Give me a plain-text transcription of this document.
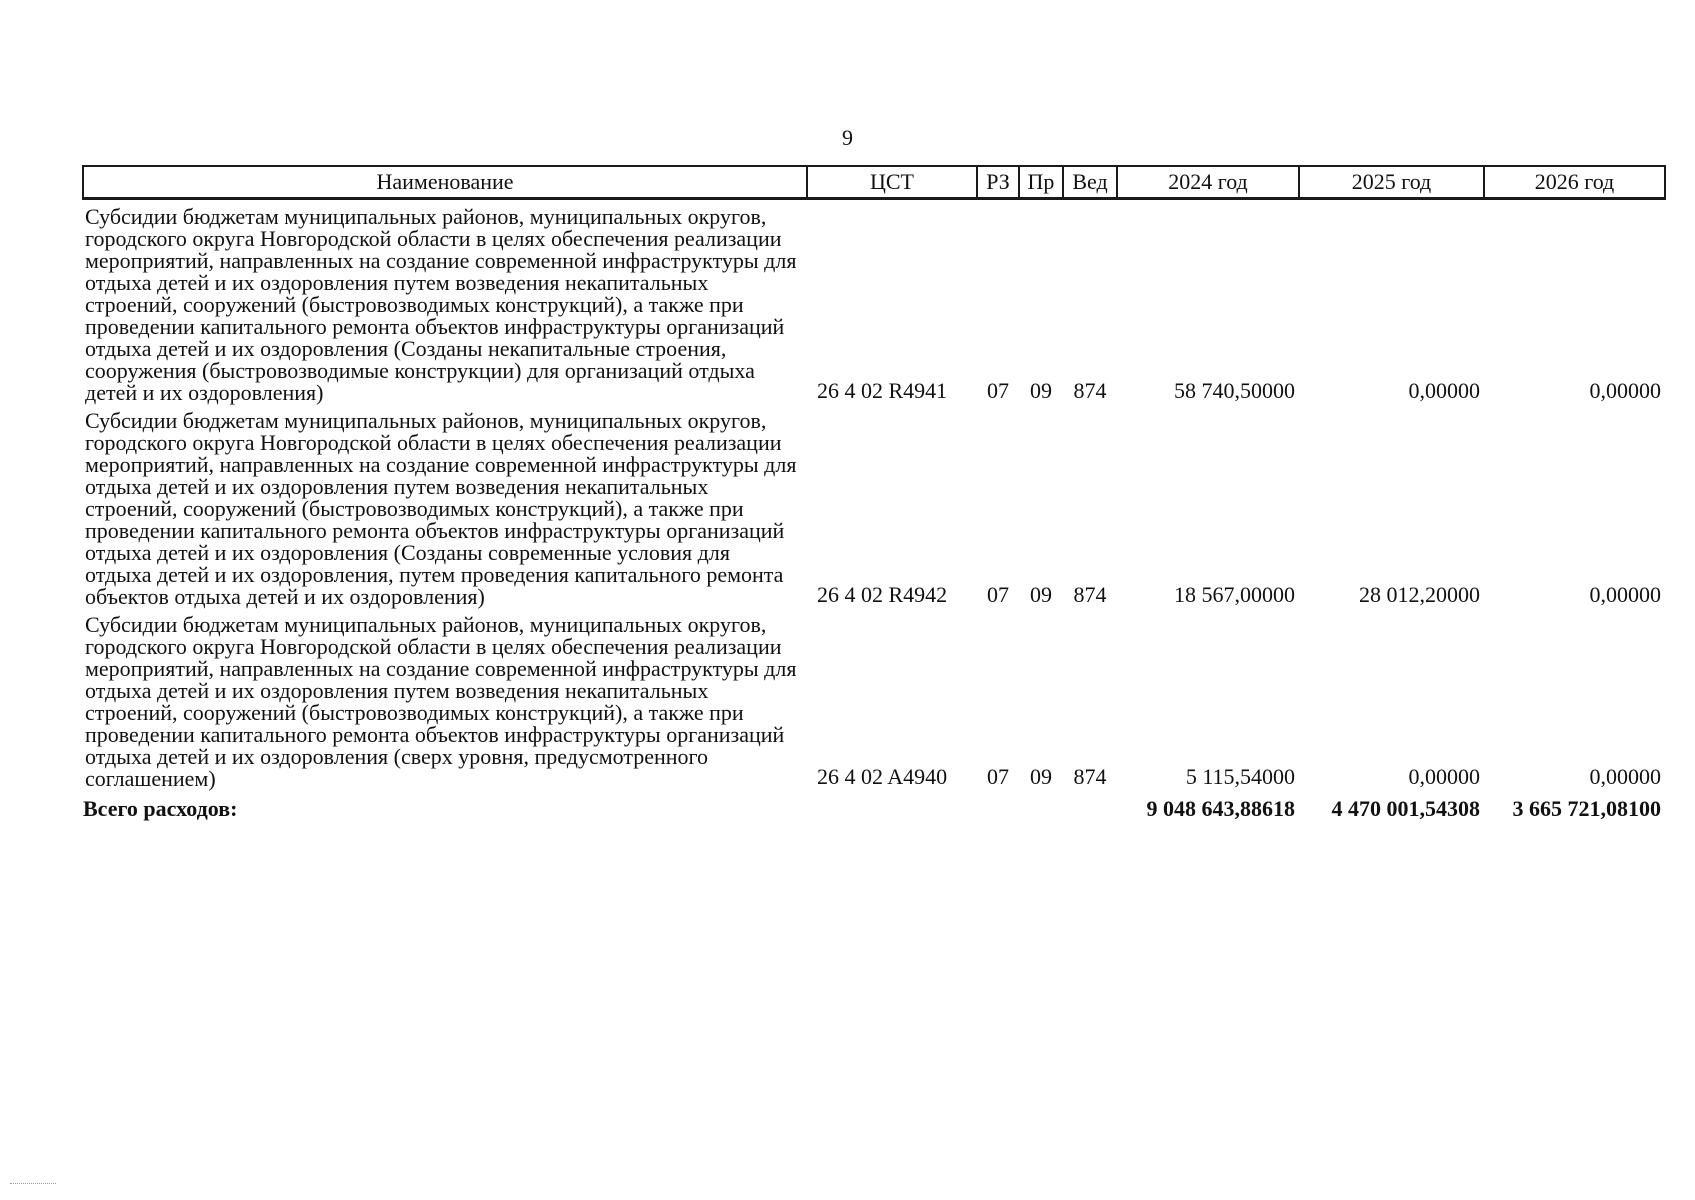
9
Наименование	ЦСТ	РЗ	Пр	Вед	2024 год	2025 год	2026 год
Субсидии бюджетам муниципальных районов, муниципальных округов, городского округа Новгородской области в целях обеспечения реализации мероприятий, направленных на создание современной инфраструктуры для отдыха детей и их оздоровления путем возведения некапитальных строений, сооружений (быстровозводимых конструкций), а также при проведении капитального ремонта объектов инфраструктуры организаций отдыха детей и их оздоровления (Созданы некапитальные строения, сооружения (быстровозводимые конструкции) для организаций отдыха детей и их оздоровления)	26 4 02 R4941	07	09	874	58 740,50000	0,00000	0,00000
Субсидии бюджетам муниципальных районов, муниципальных округов, городского округа Новгородской области в целях обеспечения реализации мероприятий, направленных на создание современной инфраструктуры для отдыха детей и их оздоровления путем возведения некапитальных строений, сооружений (быстровозводимых конструкций), а также при проведении капитального ремонта объектов инфраструктуры организаций отдыха детей и их оздоровления (Созданы современные условия для отдыха детей и их оздоровления, путем проведения капитального ремонта объектов отдыха детей и их оздоровления)	26 4 02 R4942	07	09	874	18 567,00000	28 012,20000	0,00000
Субсидии бюджетам муниципальных районов, муниципальных округов, городского округа Новгородской области в целях обеспечения реализации мероприятий, направленных на создание современной инфраструктуры для отдыха детей и их оздоровления путем возведения некапитальных строений, сооружений (быстровозводимых конструкций), а также при проведении капитального ремонта объектов инфраструктуры организаций отдыха детей и их оздоровления (сверх уровня, предусмотренного соглашением)	26 4 02 A4940	07	09	874	5 115,54000	0,00000	0,00000
Всего расходов:					9 048 643,88618	4 470 001,54308	3 665 721,08100
